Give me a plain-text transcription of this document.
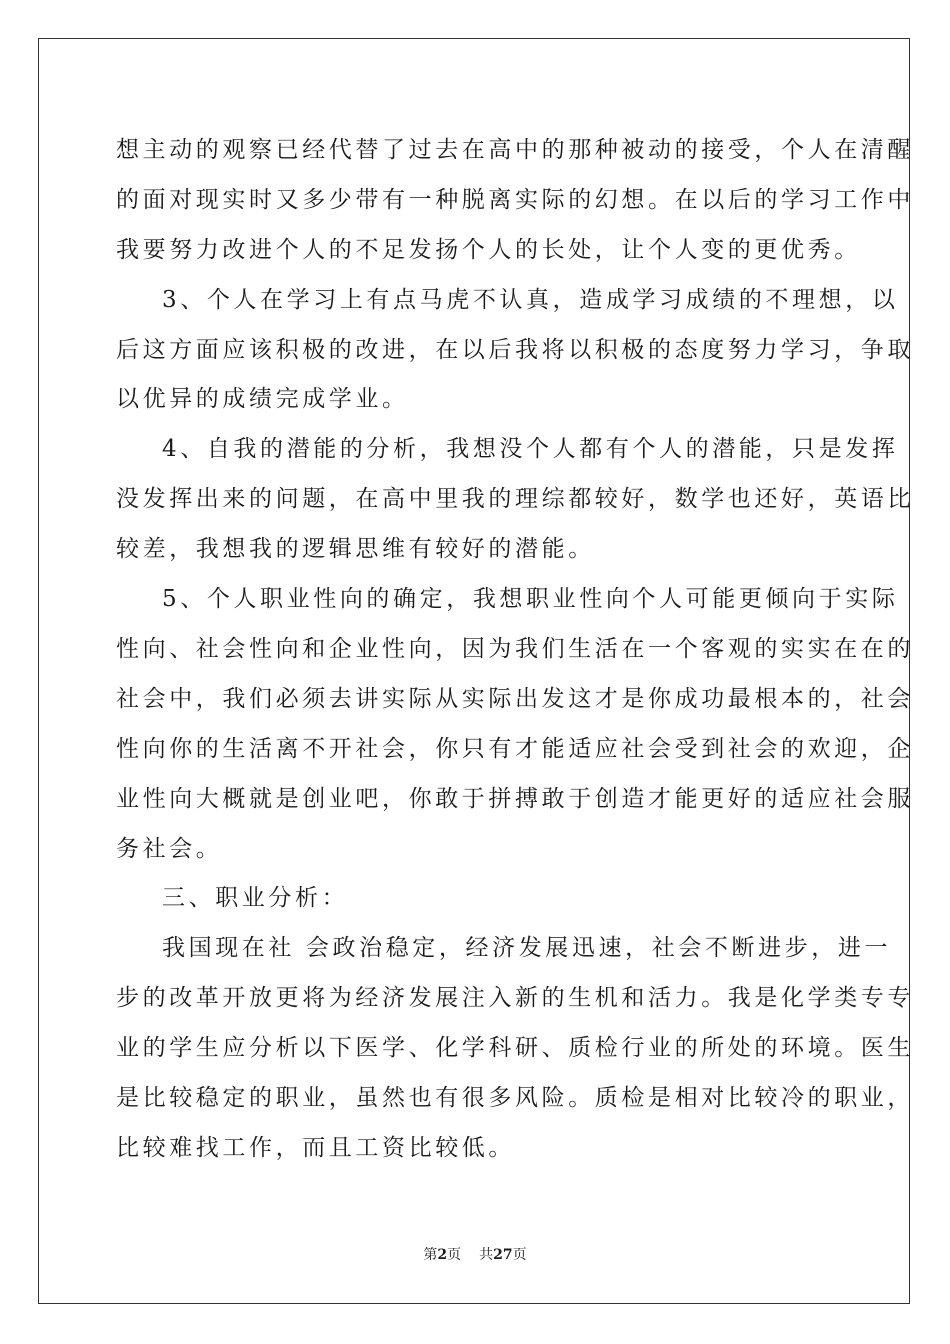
想主动的观察已经代替了过去在高中的那种被动的接受，个人在清醒

的面对现实时又多少带有一种脱离实际的幻想。在以后的学习工作中

我要努力改进个人的不足发扬个人的长处，让个人变的更优秀。

3、个人在学习上有点马虎不认真，造成学习成绩的不理想，以

后这方面应该积极的改进，在以后我将以积极的态度努力学习，争取

以优异的成绩完成学业。

4、自我的潜能的分析，我想没个人都有个人的潜能，只是发挥

没发挥出来的问题，在高中里我的理综都较好，数学也还好，英语比

较差，我想我的逻辑思维有较好的潜能。

5、个人职业性向的确定，我想职业性向个人可能更倾向于实际

性向、社会性向和企业性向，因为我们生活在一个客观的实实在在的

社会中，我们必须去讲实际从实际出发这才是你成功最根本的，社会

性向你的生活离不开社会，你只有才能适应社会受到社会的欢迎，企

业性向大概就是创业吧，你敢于拼搏敢于创造才能更好的适应社会服

务社会。

三、职业分析：

我国现在社 会政治稳定，经济发展迅速，社会不断进步，进一

步的改革开放更将为经济发展注入新的生机和活力。我是化学类专专

业的学生应分析以下医学、化学科研、质检行业的所处的环境。医生

是比较稳定的职业，虽然也有很多风险。质检是相对比较冷的职业，

比较难找工作，而且工资比较低。

第2页 共27页
